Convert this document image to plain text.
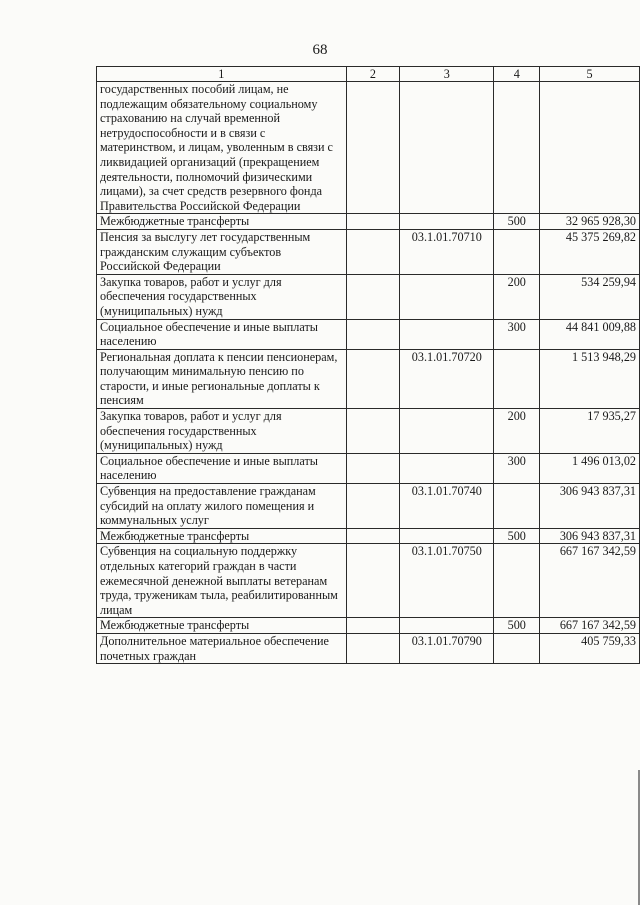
68
1	2	3	4	5
государственных пособий лицам, не подлежащим обязательному социальному страхованию на случай временной нетрудоспособности и в связи с материнством, и лицам, уволенным в связи с ликвидацией организаций (прекращением деятельности, полномочий физическими лицами), за счет средств резервного фонда Правительства Российской Федерации				
Межбюджетные трансферты			500	32 965 928,30
Пенсия за выслугу лет государственным гражданским служащим субъектов Российской Федерации		03.1.01.70710		45 375 269,82
Закупка товаров, работ и услуг для обеспечения государственных (муниципальных) нужд			200	534 259,94
Социальное обеспечение и иные выплаты населению			300	44 841 009,88
Региональная доплата к пенсии пенсионерам, получающим минимальную пенсию по старости, и иные региональные доплаты к пенсиям		03.1.01.70720		1 513 948,29
Закупка товаров, работ и услуг для обеспечения государственных (муниципальных) нужд			200	17 935,27
Социальное обеспечение и иные выплаты населению			300	1 496 013,02
Субвенция на предоставление гражданам субсидий на оплату жилого помещения и коммунальных услуг		03.1.01.70740		306 943 837,31
Межбюджетные трансферты			500	306 943 837,31
Субвенция на социальную поддержку отдельных категорий граждан в части ежемесячной денежной выплаты ветеранам труда, труженикам тыла, реабилитированным лицам		03.1.01.70750		667 167 342,59
Межбюджетные трансферты			500	667 167 342,59
Дополнительное материальное обеспечение почетных граждан		03.1.01.70790		405 759,33
